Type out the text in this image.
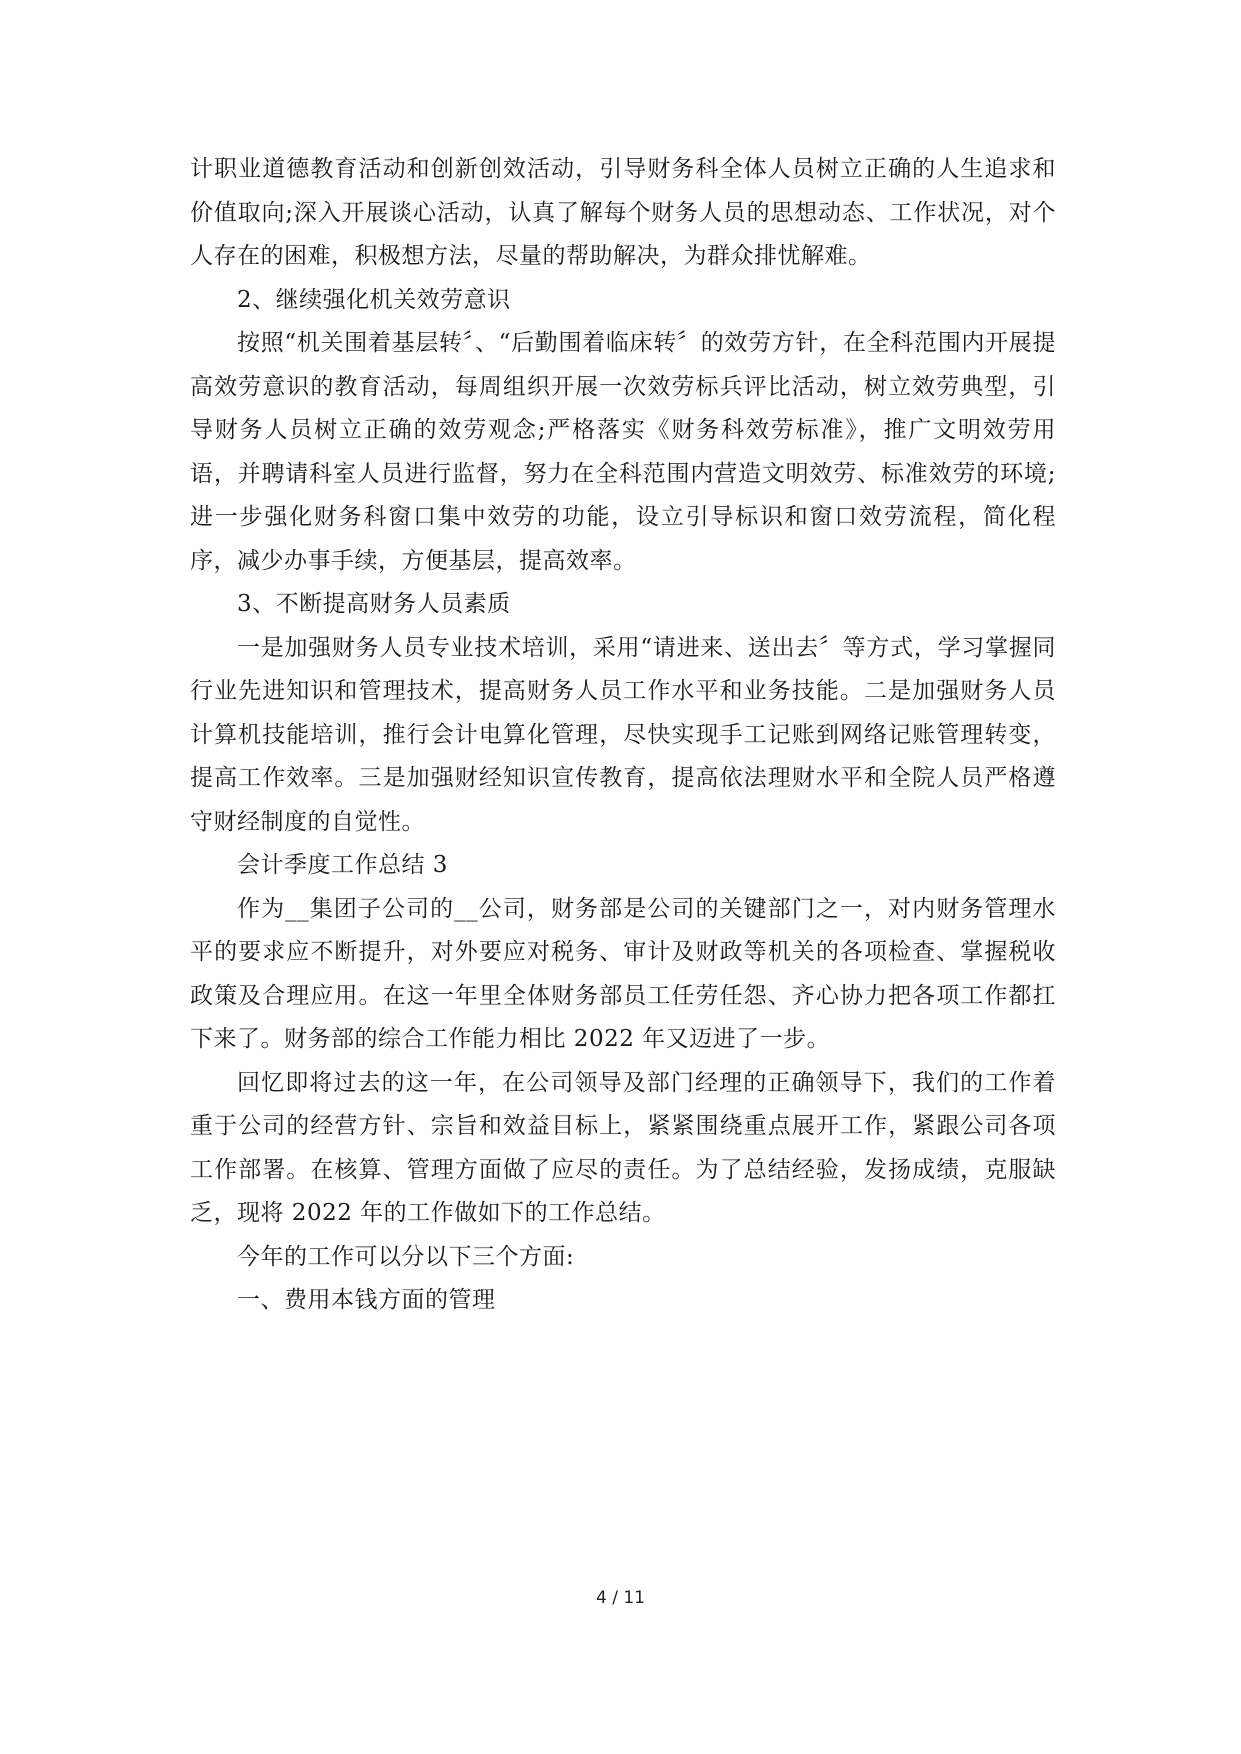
计职业道德教育活动和创新创效活动，引导财务科全体人员树立正确的人生追求和价值取向;深入开展谈心活动，认真了解每个财务人员的思想动态、工作状况，对个人存在的困难，积极想方法，尽量的帮助解决，为群众排忧解难。

2、继续强化机关效劳意识

按照“机关围着基层转〞、“后勤围着临床转〞的效劳方针，在全科范围内开展提高效劳意识的教育活动，每周组织开展一次效劳标兵评比活动，树立效劳典型，引导财务人员树立正确的效劳观念;严格落实《财务科效劳标准》，推广文明效劳用语，并聘请科室人员进行监督，努力在全科范围内营造文明效劳、标准效劳的环境;进一步强化财务科窗口集中效劳的功能，设立引导标识和窗口效劳流程，简化程序，减少办事手续，方便基层，提高效率。

3、不断提高财务人员素质

一是加强财务人员专业技术培训，采用“请进来、送出去〞等方式，学习掌握同行业先进知识和管理技术，提高财务人员工作水平和业务技能。二是加强财务人员计算机技能培训，推行会计电算化管理，尽快实现手工记账到网络记账管理转变，提高工作效率。三是加强财经知识宣传教育，提高依法理财水平和全院人员严格遵守财经制度的自觉性。

会计季度工作总结 3

作为__集团子公司的__公司，财务部是公司的关键部门之一，对内财务管理水平的要求应不断提升，对外要应对税务、审计及财政等机关的各项检查、掌握税收政策及合理应用。在这一年里全体财务部员工任劳任怨、齐心协力把各项工作都扛下来了。财务部的综合工作能力相比 2022 年又迈进了一步。

回忆即将过去的这一年，在公司领导及部门经理的正确领导下，我们的工作着重于公司的经营方针、宗旨和效益目标上，紧紧围绕重点展开工作，紧跟公司各项工作部署。在核算、管理方面做了应尽的责任。为了总结经验，发扬成绩，克服缺乏，现将 2022 年的工作做如下的工作总结。

今年的工作可以分以下三个方面:

一、费用本钱方面的管理

4 / 11
